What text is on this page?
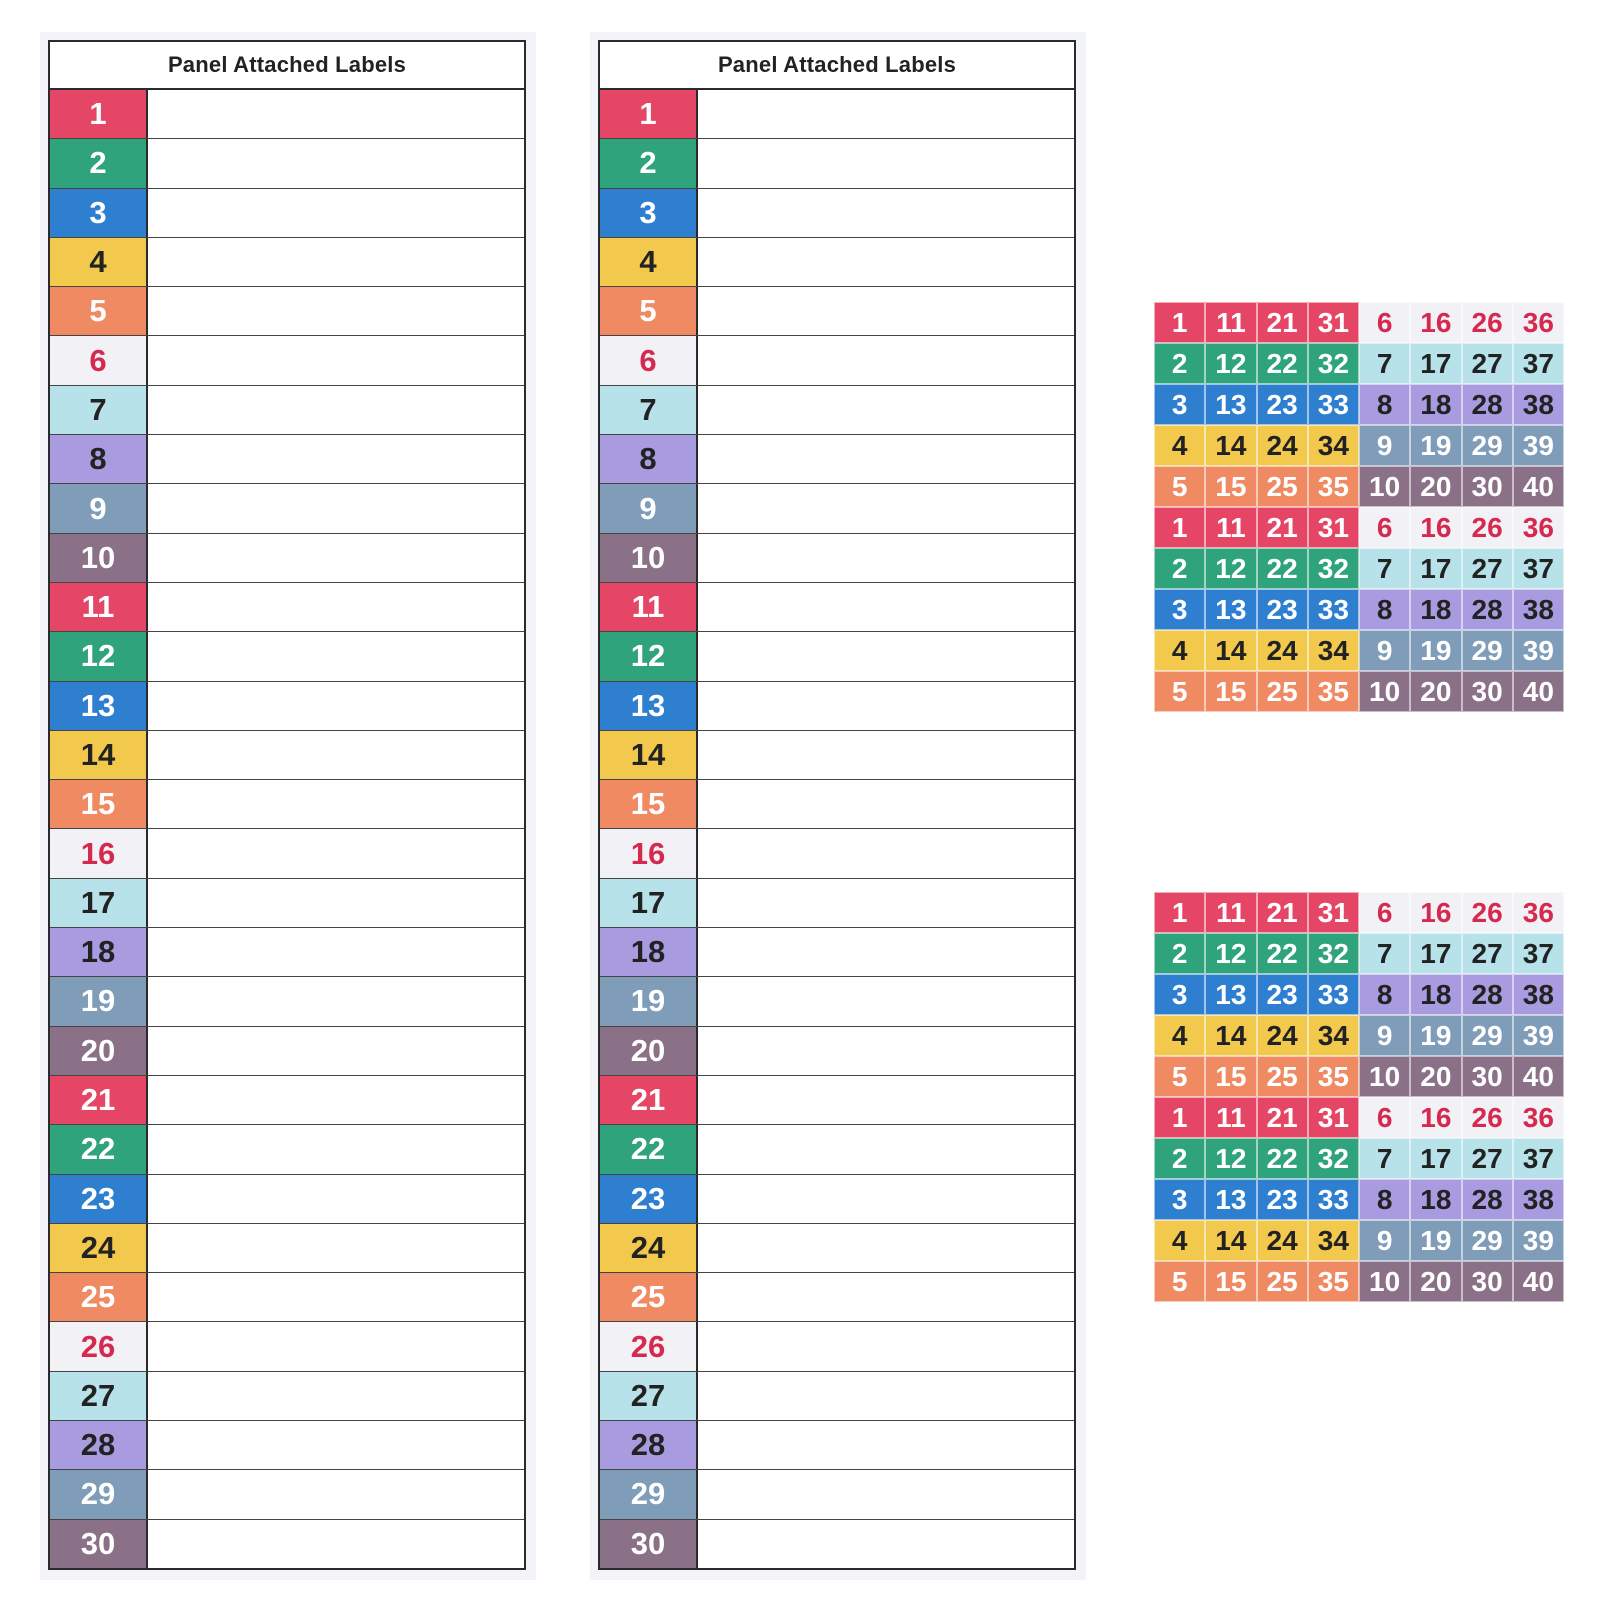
Panel Attached Labels
1
2
3
4
5
6
7
8
9
10
11
12
13
14
15
16
17
18
19
20
21
22
23
24
25
26
27
28
29
30
Panel Attached Labels
1
2
3
4
5
6
7
8
9
10
11
12
13
14
15
16
17
18
19
20
21
22
23
24
25
26
27
28
29
30
1	11 21 31 6 16 26 36
2 12 22 32 7 17 27 37
3 13 23 33 8 18 28 38
4 14 24 34 9 19 29 39
5 15 25 35 10 20 30 40
1	11 21 31 6 16 26 36
2 12 22 32 7 17 27 37
3 13 23 33 8 18 28 38
4 14 24 34 9 19 29 39
5 15 25 35 10 20 30 40
1	11 21 31 6 16 26 36
2 12 22 32 7 17 27 37
3 13 23 33 8 18 28 38
4 14 24 34 9 19 29 39
5 15 25 35 10 20 30 40
1	11 21 31 6 16 26 36
2 12 22 32 7 17 27 37
3 13 23 33 8 18 28 38
4 14 24 34 9 19 29 39
5 15 25 35 10 20 30 40
